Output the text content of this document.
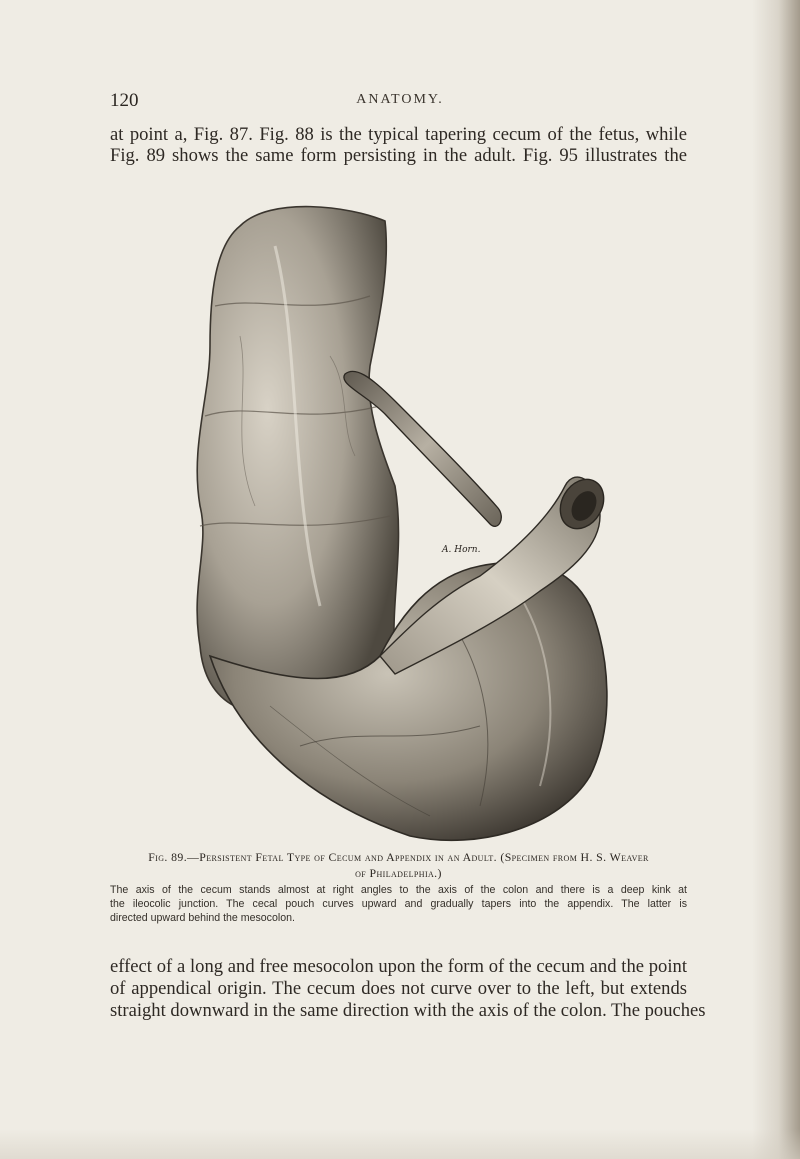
120	ANATOMY.

at point a, Fig. 87. Fig. 88 is the typical tapering cecum of the fetus, while
Fig. 89 shows the same form persisting in the adult. Fig. 95 illustrates the

A. Horn.
Fig. 89.—Persistent Fetal Type of Cecum and Appendix in an Adult. (Specimen from H. S. Weaver
of Philadelphia.)
The axis of the cecum stands almost at right angles to the axis of the colon and there is a deep kink at
the ileocolic junction. The cecal pouch curves upward and gradually tapers into the appendix. The latter is
directed upward behind the mesocolon.

effect of a long and free mesocolon upon the form of the cecum and the point
of appendical origin. The cecum does not curve over to the left, but extends
straight downward in the same direction with the axis of the colon. The pouches
